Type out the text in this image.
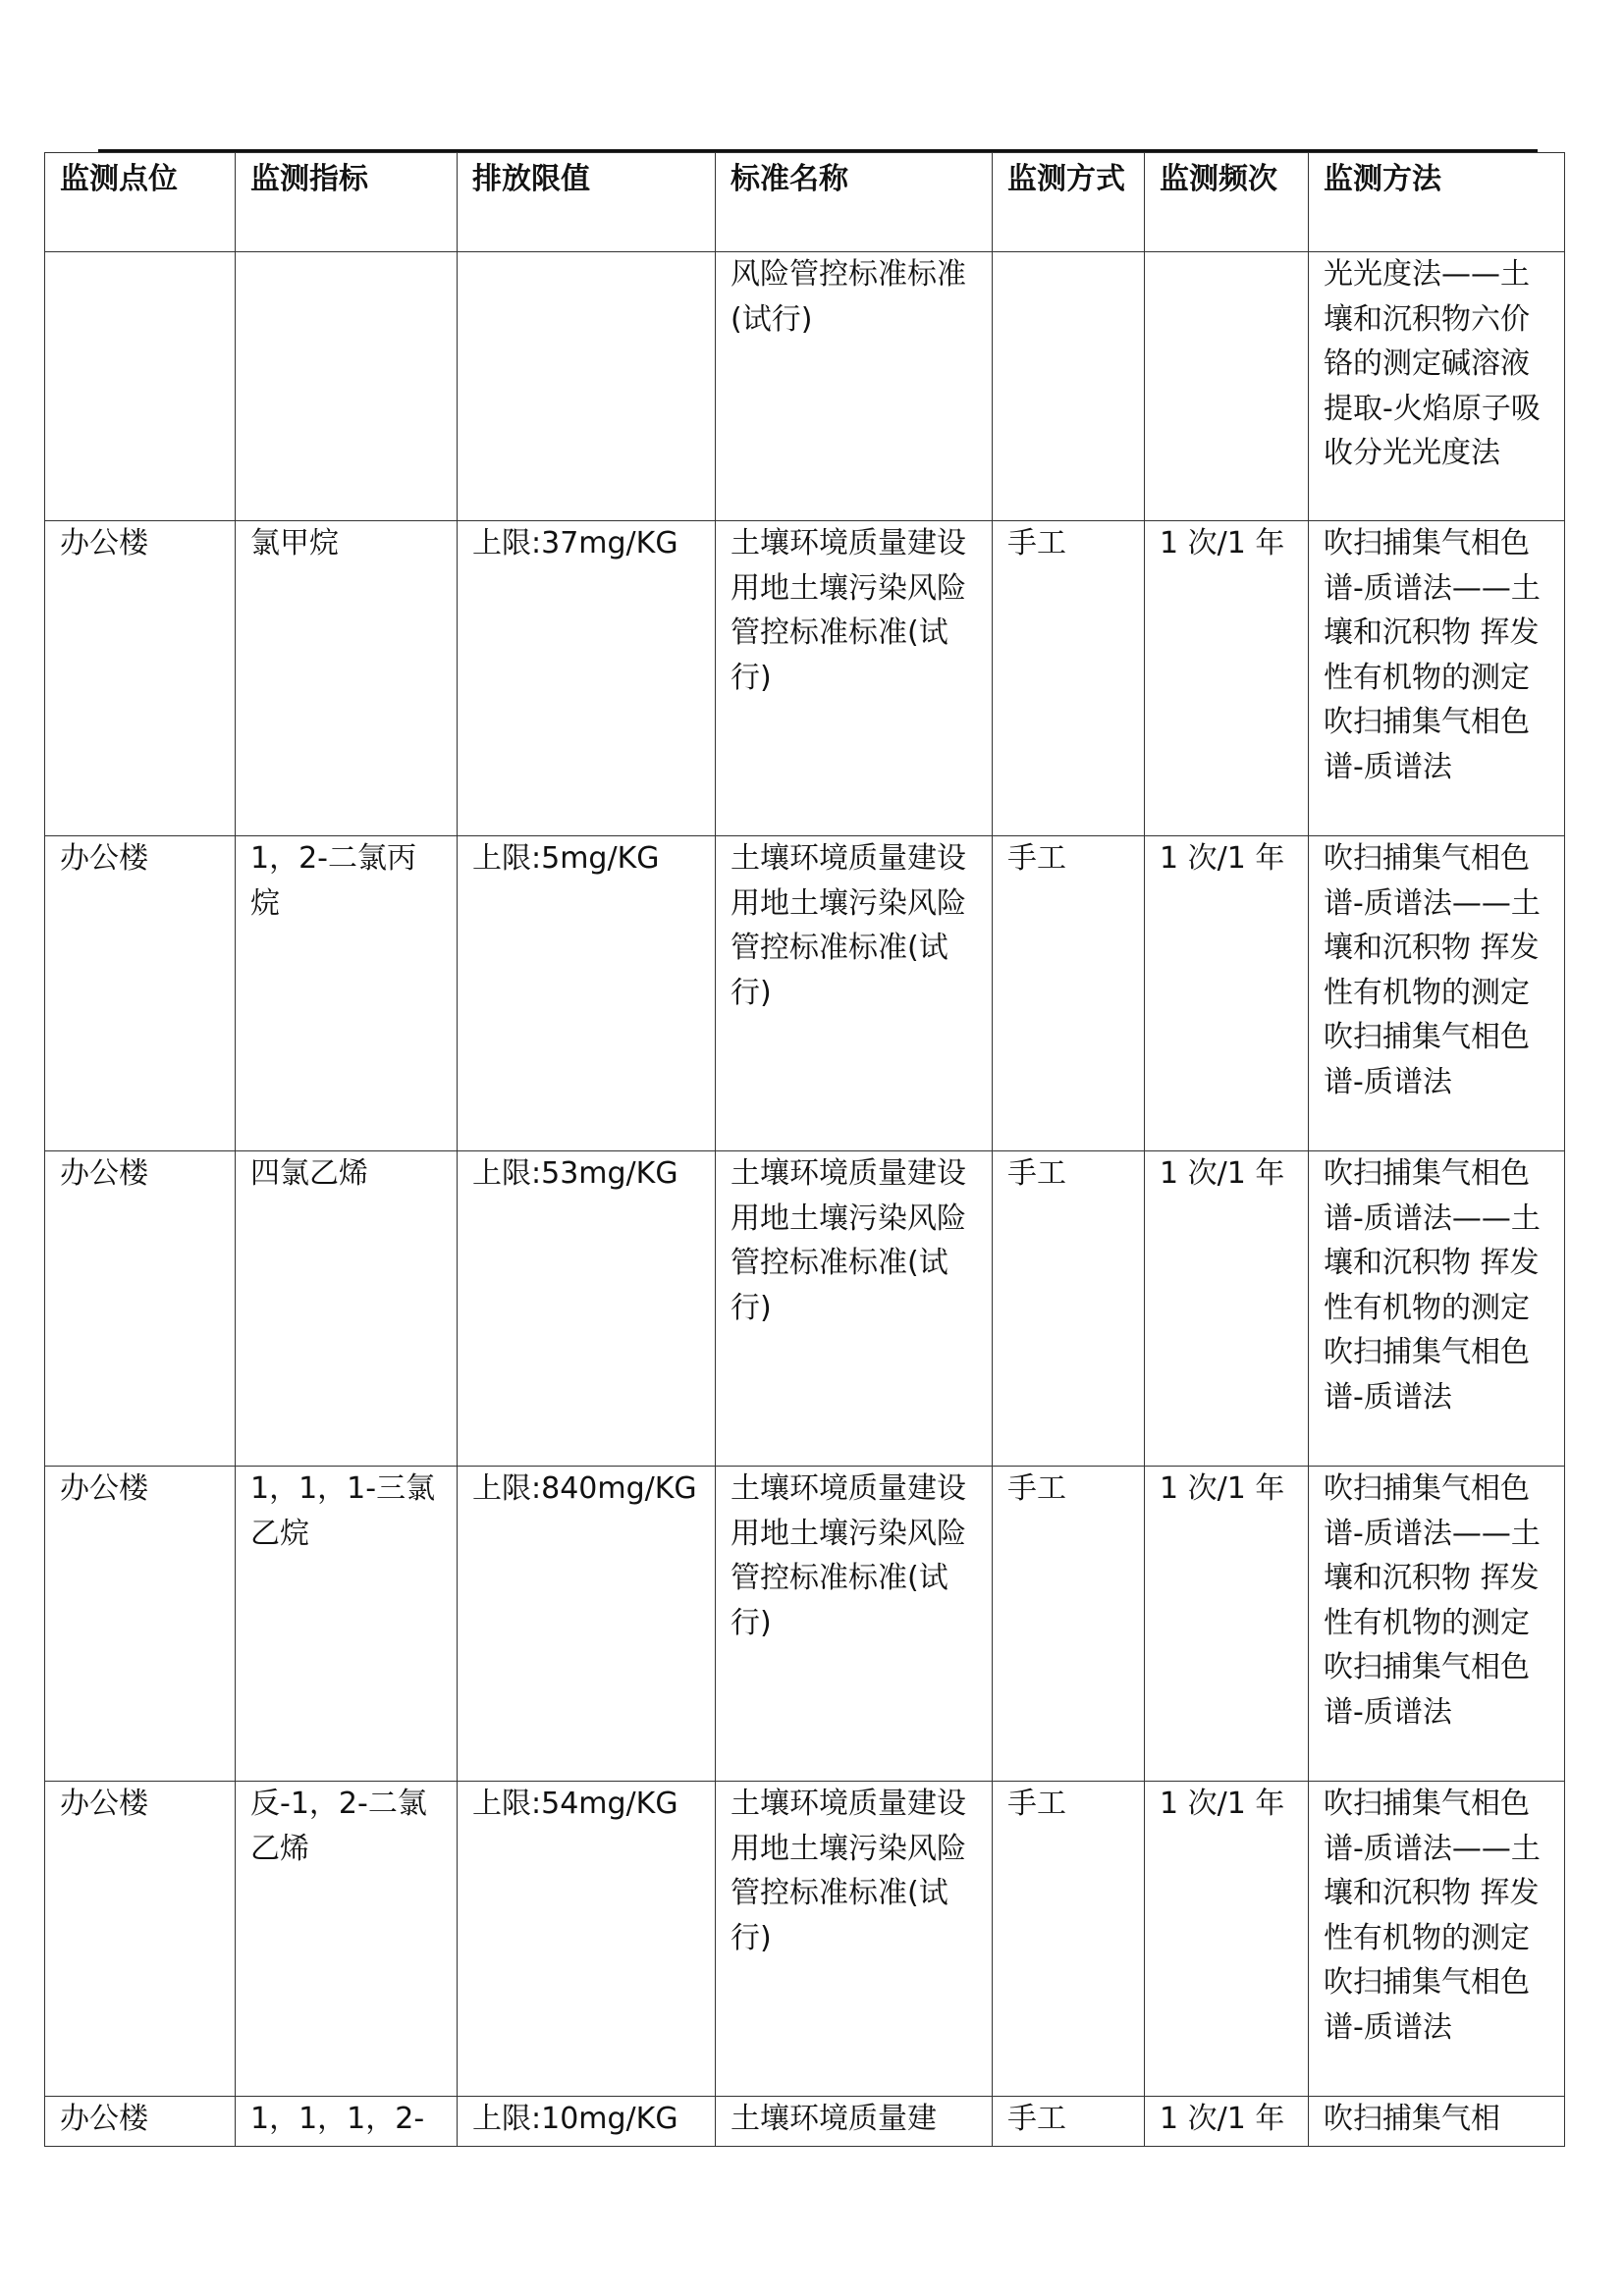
监测点位	监测指标	排放限值	标准名称	监测方式	监测频次	监测方法
			风险管控标准标准(试行)			光光度法——土壤和沉积物六价铬的测定碱溶液提取-火焰原子吸收分光光度法
办公楼	氯甲烷	上限:37mg/KG	土壤环境质量建设用地土壤污染风险管控标准标准(试行)	手工	1 次/1 年	吹扫捕集气相色谱-质谱法——土壤和沉积物 挥发性有机物的测定 吹扫捕集气相色谱-质谱法
办公楼	1，2-二氯丙烷	上限:5mg/KG	土壤环境质量建设用地土壤污染风险管控标准标准(试行)	手工	1 次/1 年	吹扫捕集气相色谱-质谱法——土壤和沉积物 挥发性有机物的测定 吹扫捕集气相色谱-质谱法
办公楼	四氯乙烯	上限:53mg/KG	土壤环境质量建设用地土壤污染风险管控标准标准(试行)	手工	1 次/1 年	吹扫捕集气相色谱-质谱法——土壤和沉积物 挥发性有机物的测定 吹扫捕集气相色谱-质谱法
办公楼	1，1，1-三氯乙烷	上限:840mg/KG	土壤环境质量建设用地土壤污染风险管控标准标准(试行)	手工	1 次/1 年	吹扫捕集气相色谱-质谱法——土壤和沉积物 挥发性有机物的测定 吹扫捕集气相色谱-质谱法
办公楼	反-1，2-二氯乙烯	上限:54mg/KG	土壤环境质量建设用地土壤污染风险管控标准标准(试行)	手工	1 次/1 年	吹扫捕集气相色谱-质谱法——土壤和沉积物 挥发性有机物的测定 吹扫捕集气相色谱-质谱法
办公楼	1，1，1，2-	上限:10mg/KG	土壤环境质量建	手工	1 次/1 年	吹扫捕集气相
